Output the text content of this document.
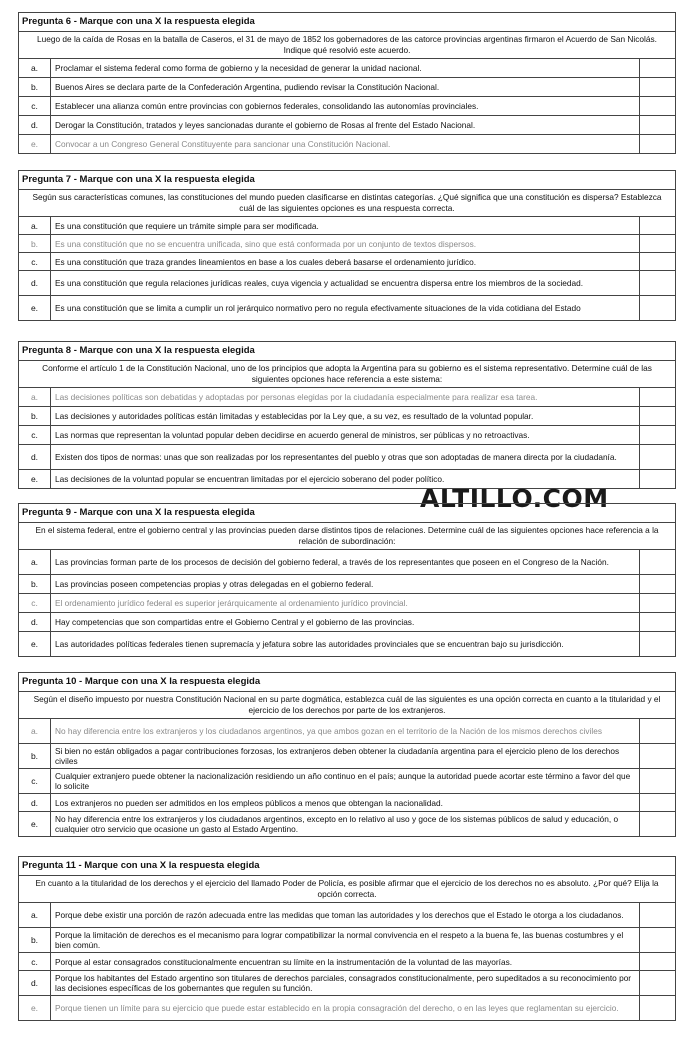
Pregunta 6 - Marque con una X la respuesta elegida
Luego de la caída de Rosas en la batalla de Caseros, el 31 de mayo de 1852 los gobernadores de las catorce provincias argentinas firmaron el Acuerdo de San Nicolás. Indique qué resolvió este acuerdo.
a.	Proclamar el sistema federal como forma de gobierno y la necesidad de generar la unidad nacional.
b.	Buenos Aires se declara parte de la Confederación Argentina, pudiendo revisar la Constitución Nacional.
c.	Establecer una alianza común entre provincias con gobiernos federales, consolidando las autonomías provinciales.
d.	Derogar la Constitución, tratados y leyes sancionadas durante el gobierno de Rosas al frente del Estado Nacional.
e.	Convocar a un Congreso General Constituyente para sancionar una Constitución Nacional.
Pregunta 7 - Marque con una X la respuesta elegida
Según sus características comunes, las constituciones del mundo pueden clasificarse en distintas categorías. ¿Qué significa que una constitución es dispersa? Establezca cuál de las siguientes opciones es una respuesta correcta.
a.	Es una constitución que requiere un trámite simple para ser modificada.
b.	Es una constitución que no se encuentra unificada, sino que está conformada por un conjunto de textos dispersos.
c.	Es una constitución que traza grandes lineamientos en base a los cuales deberá basarse el ordenamiento jurídico.
d.	Es una constitución que regula relaciones jurídicas reales, cuya vigencia y actualidad se encuentra dispersa entre los miembros de la sociedad.
e.	Es una constitución que se limita a cumplir un rol jerárquico normativo pero no regula efectivamente situaciones de la vida cotidiana del Estado
Pregunta 8 - Marque con una X la respuesta elegida
Conforme el artículo 1 de la Constitución Nacional, uno de los principios que adopta la Argentina para su gobierno es el sistema representativo. Determine cuál de las siguientes opciones hace referencia a este sistema:
a.	Las decisiones políticas son debatidas y adoptadas por personas elegidas por la ciudadanía especialmente para realizar esa tarea.
b.	Las decisiones y autoridades políticas están limitadas y establecidas por la Ley que, a su vez, es resultado de la voluntad popular.
c.	Las normas que representan la voluntad popular deben decidirse en acuerdo general de ministros, ser públicas y no retroactivas.
d.	Existen dos tipos de normas: unas que son realizadas por los representantes del pueblo y otras que son adoptadas de manera directa por la ciudadanía.
e.	Las decisiones de la voluntad popular se encuentran limitadas por el ejercicio soberano del poder político.
ALTILLO.COM
Pregunta 9 - Marque con una X la respuesta elegida
En el sistema federal, entre el gobierno central y las provincias pueden darse distintos tipos de relaciones. Determine cuál de las siguientes opciones hace referencia a la relación de subordinación:
a.	Las provincias forman parte de los procesos de decisión del gobierno federal, a través de los representantes que poseen en el Congreso de la Nación.
b.	Las provincias poseen competencias propias y otras delegadas en el gobierno federal.
c.	El ordenamiento jurídico federal es superior jerárquicamente al ordenamiento jurídico provincial.
d.	Hay competencias que son compartidas entre el Gobierno Central y el gobierno de las provincias.
e.	Las autoridades políticas federales tienen supremacía y jefatura sobre las autoridades provinciales que se encuentran bajo su jurisdicción.
Pregunta 10 - Marque con una X la respuesta elegida
Según el diseño impuesto por nuestra Constitución Nacional en su parte dogmática, establezca cuál de las siguientes es una opción correcta en cuanto a la titularidad y el ejercicio de los derechos por parte de los extranjeros.
a.	No hay diferencia entre los extranjeros y los ciudadanos argentinos, ya que ambos gozan en el territorio de la Nación de los mismos derechos civiles
b.	Si bien no están obligados a pagar contribuciones forzosas, los extranjeros deben obtener la ciudadanía argentina para el ejercicio pleno de los derechos civiles
c.	Cualquier extranjero puede obtener la nacionalización residiendo un año continuo en el país; aunque la autoridad puede acortar este término a favor del que lo solicite
d.	Los extranjeros no pueden ser admitidos en los empleos públicos a menos que obtengan la nacionalidad.
e.	No hay diferencia entre los extranjeros y los ciudadanos argentinos, excepto en lo relativo al uso y goce de los sistemas públicos de salud y educación, o cualquier otro servicio que ocasione un gasto al Estado Argentino.
Pregunta 11 - Marque con una X la respuesta elegida
En cuanto a la titularidad de los derechos y el ejercicio del llamado Poder de Policía, es posible afirmar que el ejercicio de los derechos no es absoluto. ¿Por qué? Elija la opción correcta.
a.	Porque debe existir una porción de razón adecuada entre las medidas que toman las autoridades y los derechos que el Estado le otorga a los ciudadanos.
b.	Porque la limitación de derechos es el mecanismo para lograr compatibilizar la normal convivencia en el respeto a la buena fe, las buenas costumbres y el bien común.
c.	Porque al estar consagrados constitucionalmente encuentran su límite en la instrumentación de la voluntad de las mayorías.
d.	Porque los habitantes del Estado argentino son titulares de derechos parciales, consagrados constitucionalmente, pero supeditados a su reconocimiento por las decisiones específicas de los gobernantes que regulen su función.
e.	Porque tienen un límite para su ejercicio que puede estar establecido en la propia consagración del derecho, o en las leyes que reglamentan su ejercicio.
